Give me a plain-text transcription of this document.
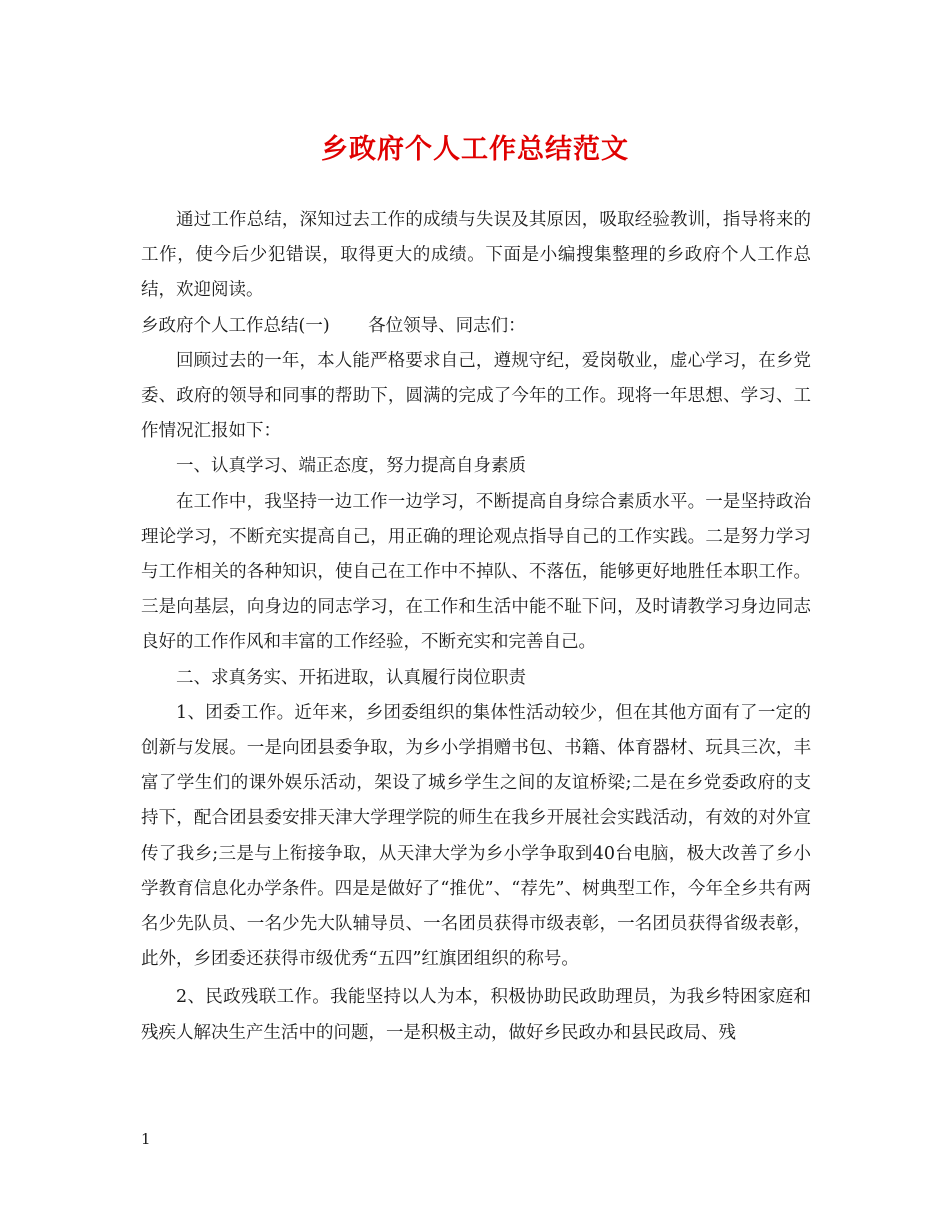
乡政府个人工作总结范文

通过工作总结，深知过去工作的成绩与失误及其原因，吸取经验教训，指导将来的工作，使今后少犯错误，取得更大的成绩。下面是小编搜集整理的乡政府个人工作总结，欢迎阅读。

乡政府个人工作总结(一) 各位领导、同志们：

回顾过去的一年，本人能严格要求自己，遵规守纪，爱岗敬业，虚心学习，在乡党委、政府的领导和同事的帮助下，圆满的完成了今年的工作。现将一年思想、学习、工作情况汇报如下：

一、认真学习、端正态度，努力提高自身素质

在工作中，我坚持一边工作一边学习，不断提高自身综合素质水平。一是坚持政治理论学习，不断充实提高自己，用正确的理论观点指导自己的工作实践。二是努力学习与工作相关的各种知识，使自己在工作中不掉队、不落伍，能够更好地胜任本职工作。三是向基层，向身边的同志学习，在工作和生活中能不耻下问，及时请教学习身边同志良好的工作作风和丰富的工作经验，不断充实和完善自己。

二、求真务实、开拓进取，认真履行岗位职责

1、团委工作。近年来，乡团委组织的集体性活动较少，但在其他方面有了一定的创新与发展。一是向团县委争取，为乡小学捐赠书包、书籍、体育器材、玩具三次，丰富了学生们的课外娱乐活动，架设了城乡学生之间的友谊桥梁;二是在乡党委政府的支持下，配合团县委安排天津大学理学院的师生在我乡开展社会实践活动，有效的对外宣传了我乡;三是与上衔接争取，从天津大学为乡小学争取到40台电脑，极大改善了乡小学教育信息化办学条件。四是是做好了“推优”、“荐先”、树典型工作，今年全乡共有两名少先队员、一名少先大队辅导员、一名团员获得市级表彰，一名团员获得省级表彰，此外，乡团委还获得市级优秀“五四”红旗团组织的称号。

2、民政残联工作。我能坚持以人为本，积极协助民政助理员，为我乡特困家庭和残疾人解决生产生活中的问题，一是积极主动，做好乡民政办和县民政局、残

1
